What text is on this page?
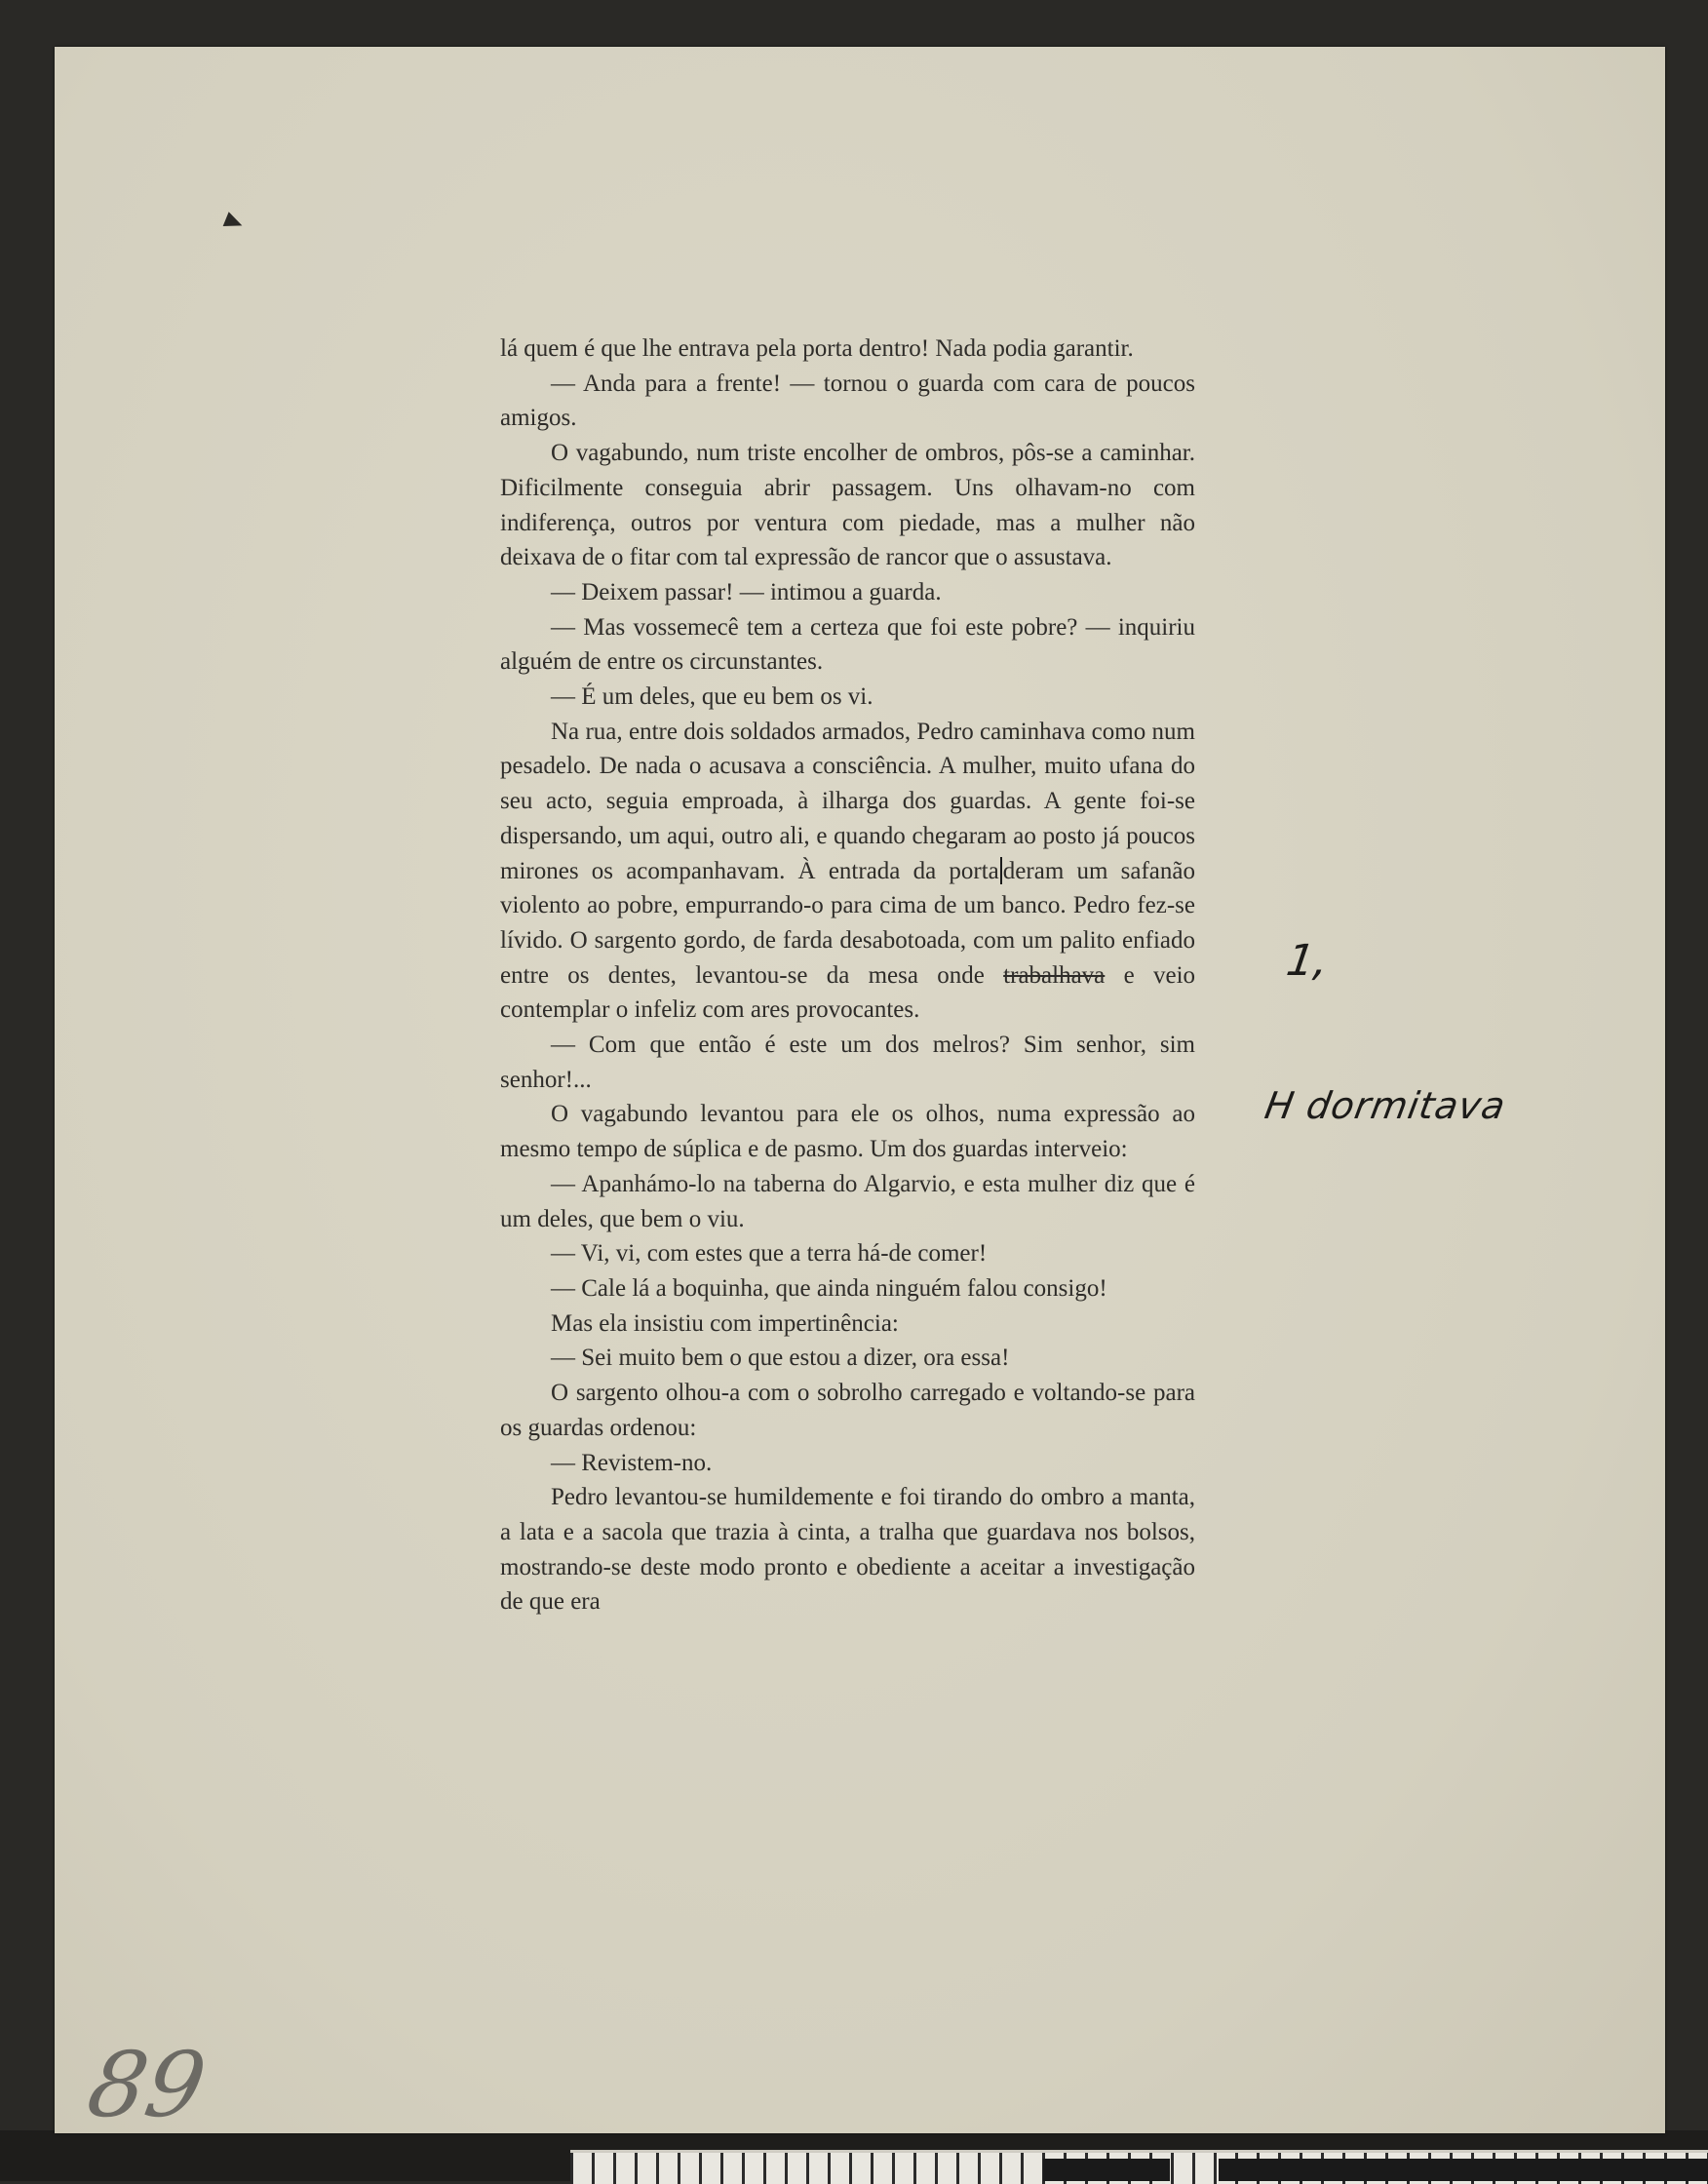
lá quem é que lhe entrava pela porta dentro! Nada podia garantir.

— Anda para a frente! — tornou o guarda com cara de poucos amigos.

O vagabundo, num triste encolher de ombros, pôs-se a caminhar. Dificilmente conseguia abrir passagem. Uns olhavam-no com indiferença, outros por ventura com piedade, mas a mulher não deixava de o fitar com tal expressão de rancor que o assustava.

— Deixem passar! — intimou a guarda.

— Mas vossemecê tem a certeza que foi este pobre? — inquiriu alguém de entre os circunstantes.

— É um deles, que eu bem os vi.

Na rua, entre dois soldados armados, Pedro caminhava como num pesadelo. De nada o acusava a consciência. A mulher, muito ufana do seu acto, seguia emproada, à ilharga dos guardas. A gente foi-se dispersando, um aqui, outro ali, e quando chegaram ao posto já poucos mirones os acompanhavam. À entrada da porta deram um safanão violento ao pobre, empurrando-o para cima de um banco. Pedro fez-se lívido. O sargento gordo, de farda desabotoada, com um palito enfiado entre os dentes, levantou-se da mesa onde trabalhava e veio contemplar o infeliz com ares provocantes.

— Com que então é este um dos melros? Sim senhor, sim senhor!...

O vagabundo levantou para ele os olhos, numa expressão ao mesmo tempo de súplica e de pasmo. Um dos guardas interveio:

— Apanhámo-lo na taberna do Algarvio, e esta mulher diz que é um deles, que bem o viu.

— Vi, vi, com estes que a terra há-de comer!

— Cale lá a boquinha, que ainda ninguém falou consigo!

Mas ela insistiu com impertinência:

— Sei muito bem o que estou a dizer, ora essa!

O sargento olhou-a com o sobrolho carregado e voltando-se para os guardas ordenou:

— Revistem-no.

Pedro levantou-se humildemente e foi tirando do ombro a manta, a lata e a sacola que trazia à cinta, a tralha que guardava nos bolsos, mostrando-se deste modo pronto e obediente a aceitar a investigação de que era

1,
H dormitava
89
